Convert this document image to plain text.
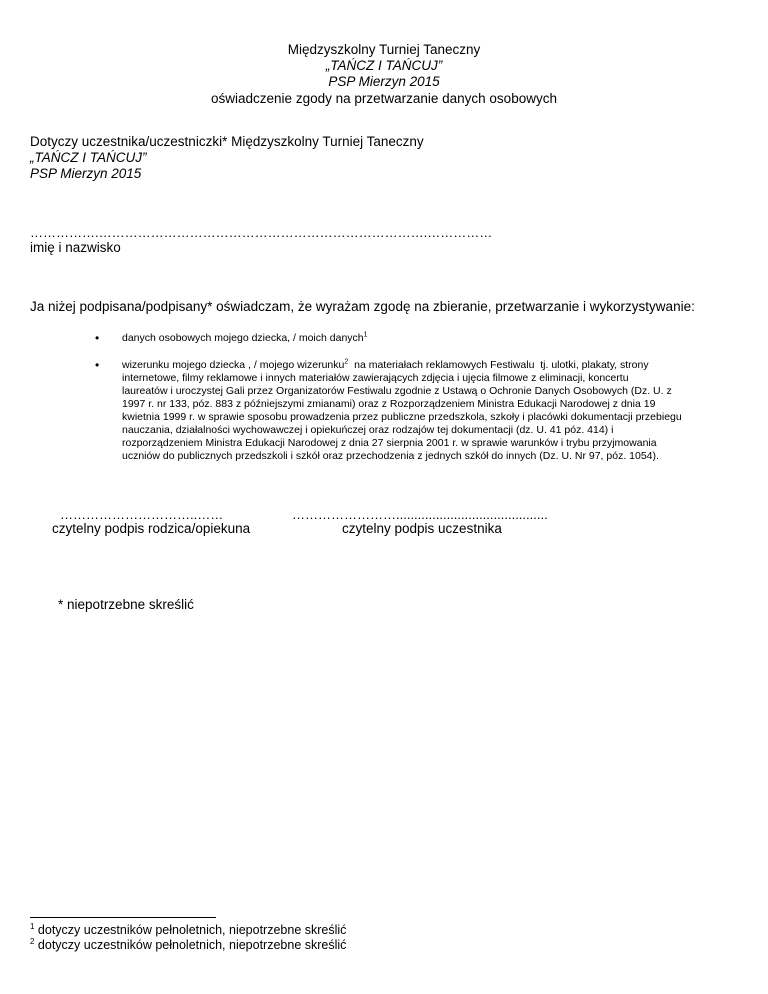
Międzyszkolny Turniej Taneczny
„TAŃCZ I TAŃCUJ”
PSP Mierzyn 2015
oświadczenie zgody na przetwarzanie danych osobowych
Dotyczy uczestnika/uczestniczki* Międzyszkolny Turniej Taneczny
„TAŃCZ I TAŃCUJ”
PSP Mierzyn 2015
…………….………………………………………………………………….……………
imię i nazwisko
Ja niżej podpisana/podpisany* oświadczam, że wyrażam zgodę na zbieranie, przetwarzanie i wykorzystywanie:
• danych osobowych mojego dziecka, / moich danych$^1$
• wizerunku mojego dziecka , / mojego wizerunku$^2$  na materiałach reklamowych Festiwalu  tj. ulotki, plakaty, strony
internetowe, filmy reklamowe i innych materiałów zawierających zdjęcia i ujęcia filmowe z eliminacji, koncertu
laureatów i uroczystej Gali przez Organizatorów Festiwalu zgodnie z Ustawą o Ochronie Danych Osobowych (Dz. U. z
1997 r. nr 133, póz. 883 z późniejszymi zmianami) oraz z Rozporządzeniem Ministra Edukacji Narodowej z dnia 19
kwietnia 1999 r. w sprawie sposobu prowadzenia przez publiczne przedszkola, szkoły i placówki dokumentacji przebiegu
nauczania, działalności wychowawczej i opiekuńczej oraz rodzajów tej dokumentacji (dz. U. 41 póz. 414) i
rozporządzeniem Ministra Edukacji Narodowej z dnia 27 sierpnia 2001 r. w sprawie warunków i trybu przyjmowania
uczniów do publicznych przedszkoli i szkół oraz przechodzenia z jednych szkół do innych (Dz. U. Nr 97, póz. 1054).
…………………………..……
czytelny podpis rodzica/opiekuna
……………………..........................................
czytelny podpis uczestnika
* niepotrzebne skreślić
$^1$ dotyczy uczestników pełnoletnich, niepotrzebne skreślić
$^2$ dotyczy uczestników pełnoletnich, niepotrzebne skreślić
